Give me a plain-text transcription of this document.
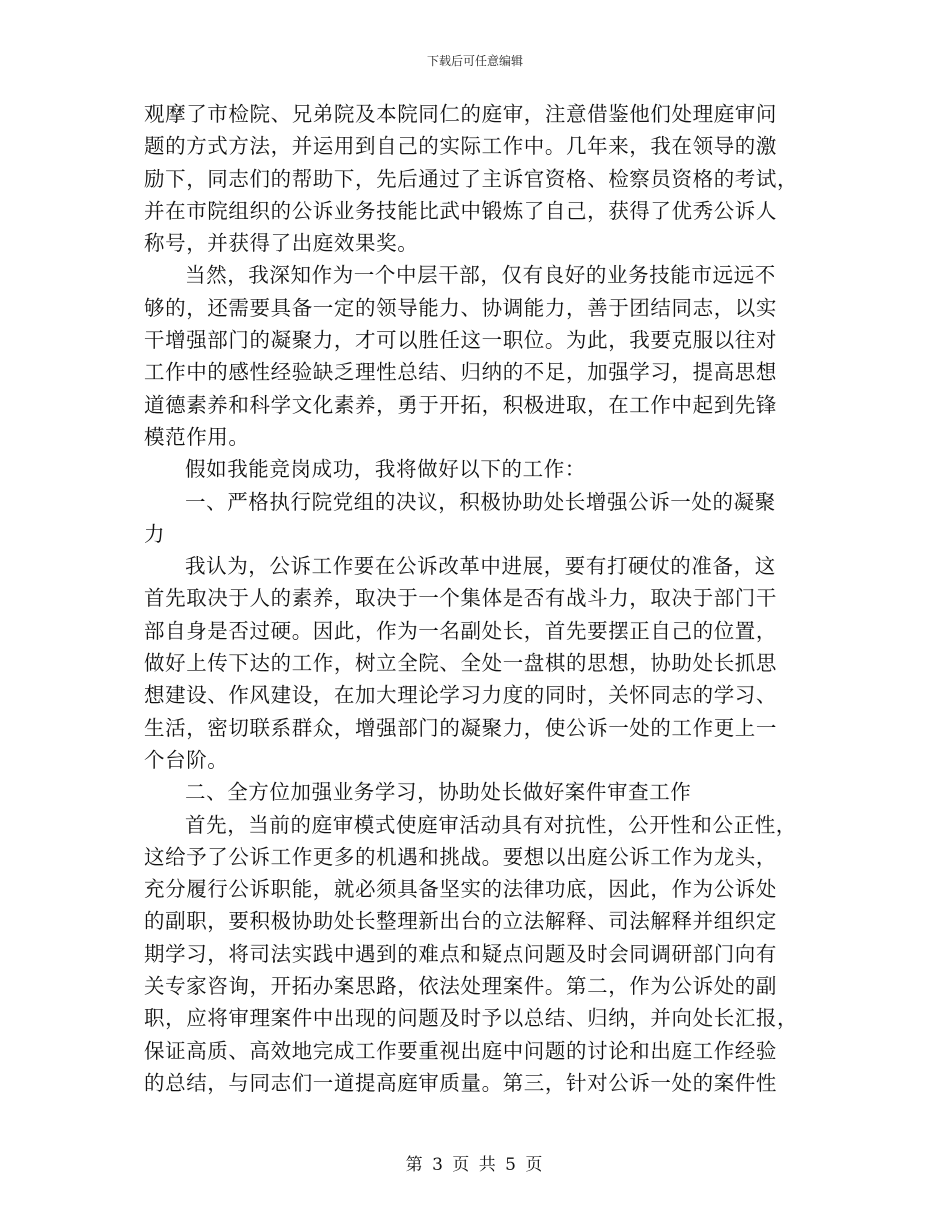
下载后可任意编辑
观摩了市检院、兄弟院及本院同仁的庭审，注意借鉴他们处理庭审问
题的方式方法，并运用到自己的实际工作中。几年来，我在领导的激
励下，同志们的帮助下，先后通过了主诉官资格、检察员资格的考试，
并在市院组织的公诉业务技能比武中锻炼了自己，获得了优秀公诉人
称号，并获得了出庭效果奖。
当然，我深知作为一个中层干部，仅有良好的业务技能市远远不
够的，还需要具备一定的领导能力、协调能力，善于团结同志，以实
干增强部门的凝聚力，才可以胜任这一职位。为此，我要克服以往对
工作中的感性经验缺乏理性总结、归纳的不足，加强学习，提高思想
道德素养和科学文化素养，勇于开拓，积极进取，在工作中起到先锋
模范作用。
假如我能竞岗成功，我将做好以下的工作：
一、严格执行院党组的决议，积极协助处长增强公诉一处的凝聚
力
我认为，公诉工作要在公诉改革中进展，要有打硬仗的准备，这
首先取决于人的素养，取决于一个集体是否有战斗力，取决于部门干
部自身是否过硬。因此，作为一名副处长，首先要摆正自己的位置，
做好上传下达的工作，树立全院、全处一盘棋的思想，协助处长抓思
想建设、作风建设，在加大理论学习力度的同时，关怀同志的学习、
生活，密切联系群众，增强部门的凝聚力，使公诉一处的工作更上一
个台阶。
二、全方位加强业务学习，协助处长做好案件审查工作
首先，当前的庭审模式使庭审活动具有对抗性，公开性和公正性，
这给予了公诉工作更多的机遇和挑战。要想以出庭公诉工作为龙头，
充分履行公诉职能，就必须具备坚实的法律功底，因此，作为公诉处
的副职，要积极协助处长整理新出台的立法解释、司法解释并组织定
期学习，将司法实践中遇到的难点和疑点问题及时会同调研部门向有
关专家咨询，开拓办案思路，依法处理案件。第二，作为公诉处的副
职，应将审理案件中出现的问题及时予以总结、归纳，并向处长汇报，
保证高质、高效地完成工作要重视出庭中问题的讨论和出庭工作经验
的总结，与同志们一道提高庭审质量。第三，针对公诉一处的案件性
第 3 页 共 5 页
